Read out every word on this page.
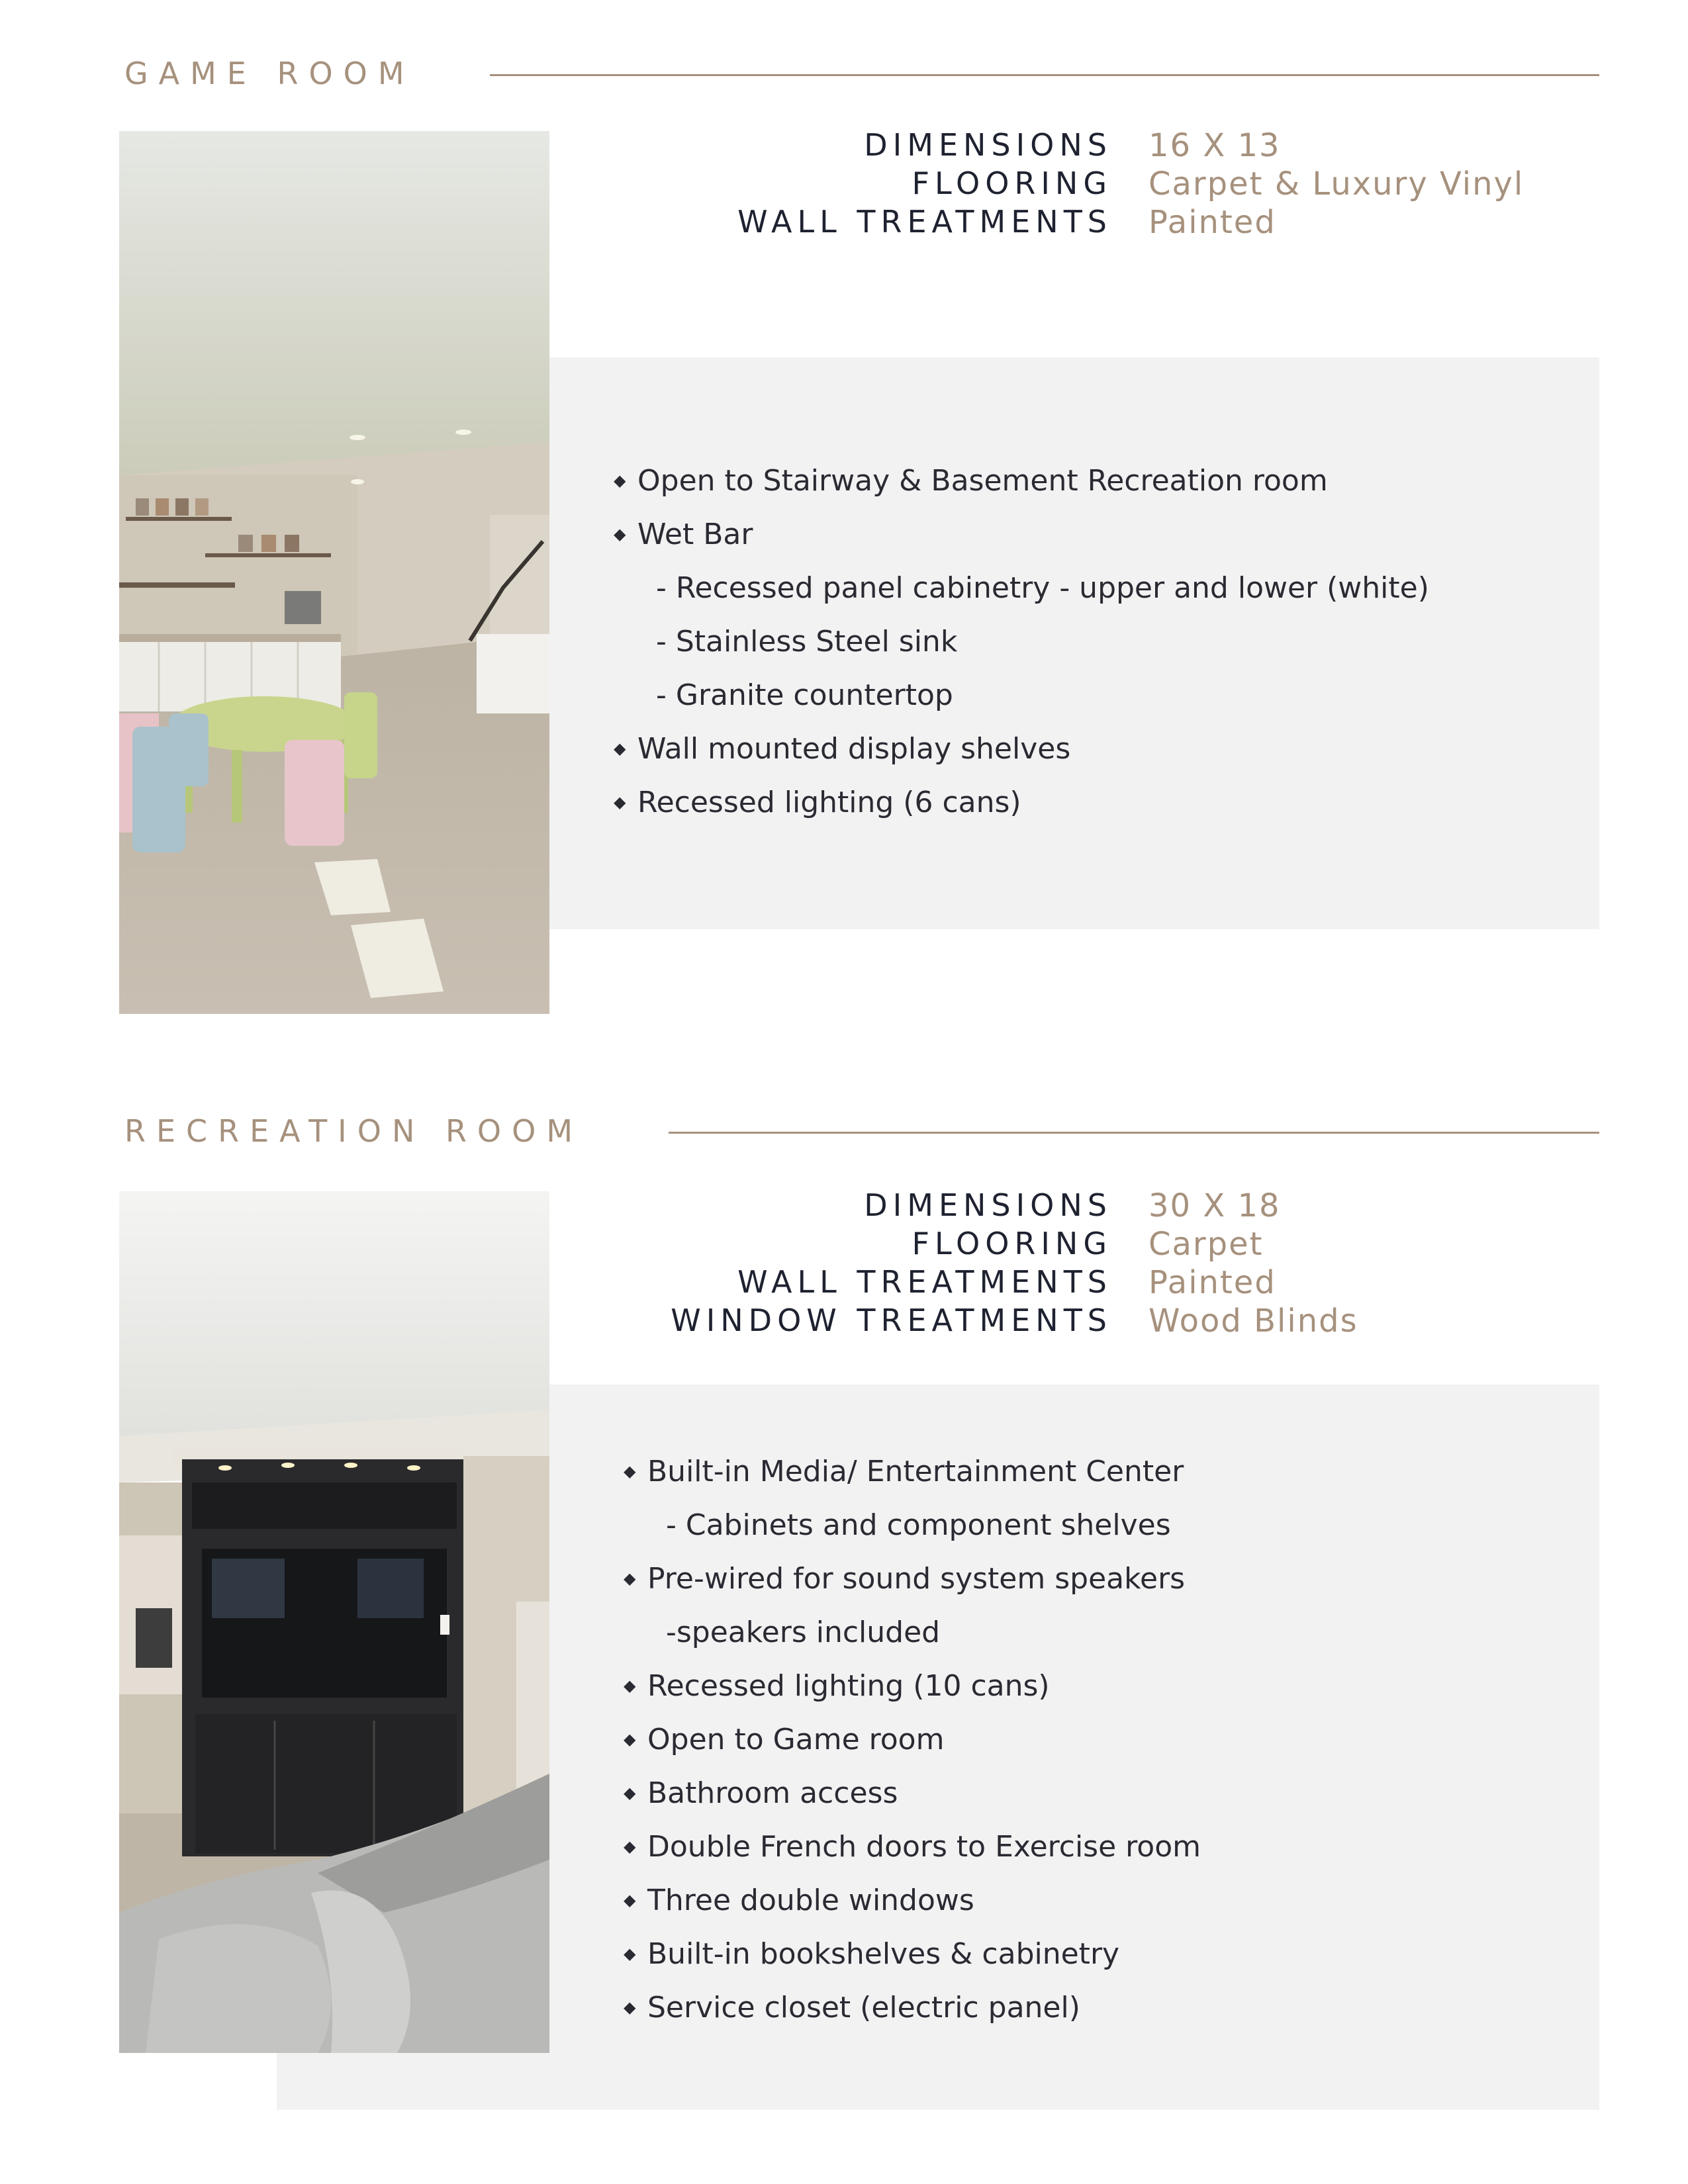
GAME ROOM
DIMENSIONS 16 X 13
FLOORING Carpet & Luxury Vinyl
WALL TREATMENTS Painted
◆ Open to Stairway & Basement Recreation room
◆ Wet Bar
- Recessed panel cabinetry - upper and lower (white)
- Stainless Steel sink
- Granite countertop
◆ Wall mounted display shelves
◆ Recessed lighting (6 cans)
RECREATION ROOM
DIMENSIONS 30 X 18
FLOORING Carpet
WALL TREATMENTS Painted
WINDOW TREATMENTS Wood Blinds
◆ Built-in Media/ Entertainment Center
- Cabinets and component shelves
◆ Pre-wired for sound system speakers
-speakers included
◆ Recessed lighting (10 cans)
◆ Open to Game room
◆ Bathroom access
◆ Double French doors to Exercise room
◆ Three double windows
◆ Built-in bookshelves & cabinetry
◆ Service closet (electric panel)
